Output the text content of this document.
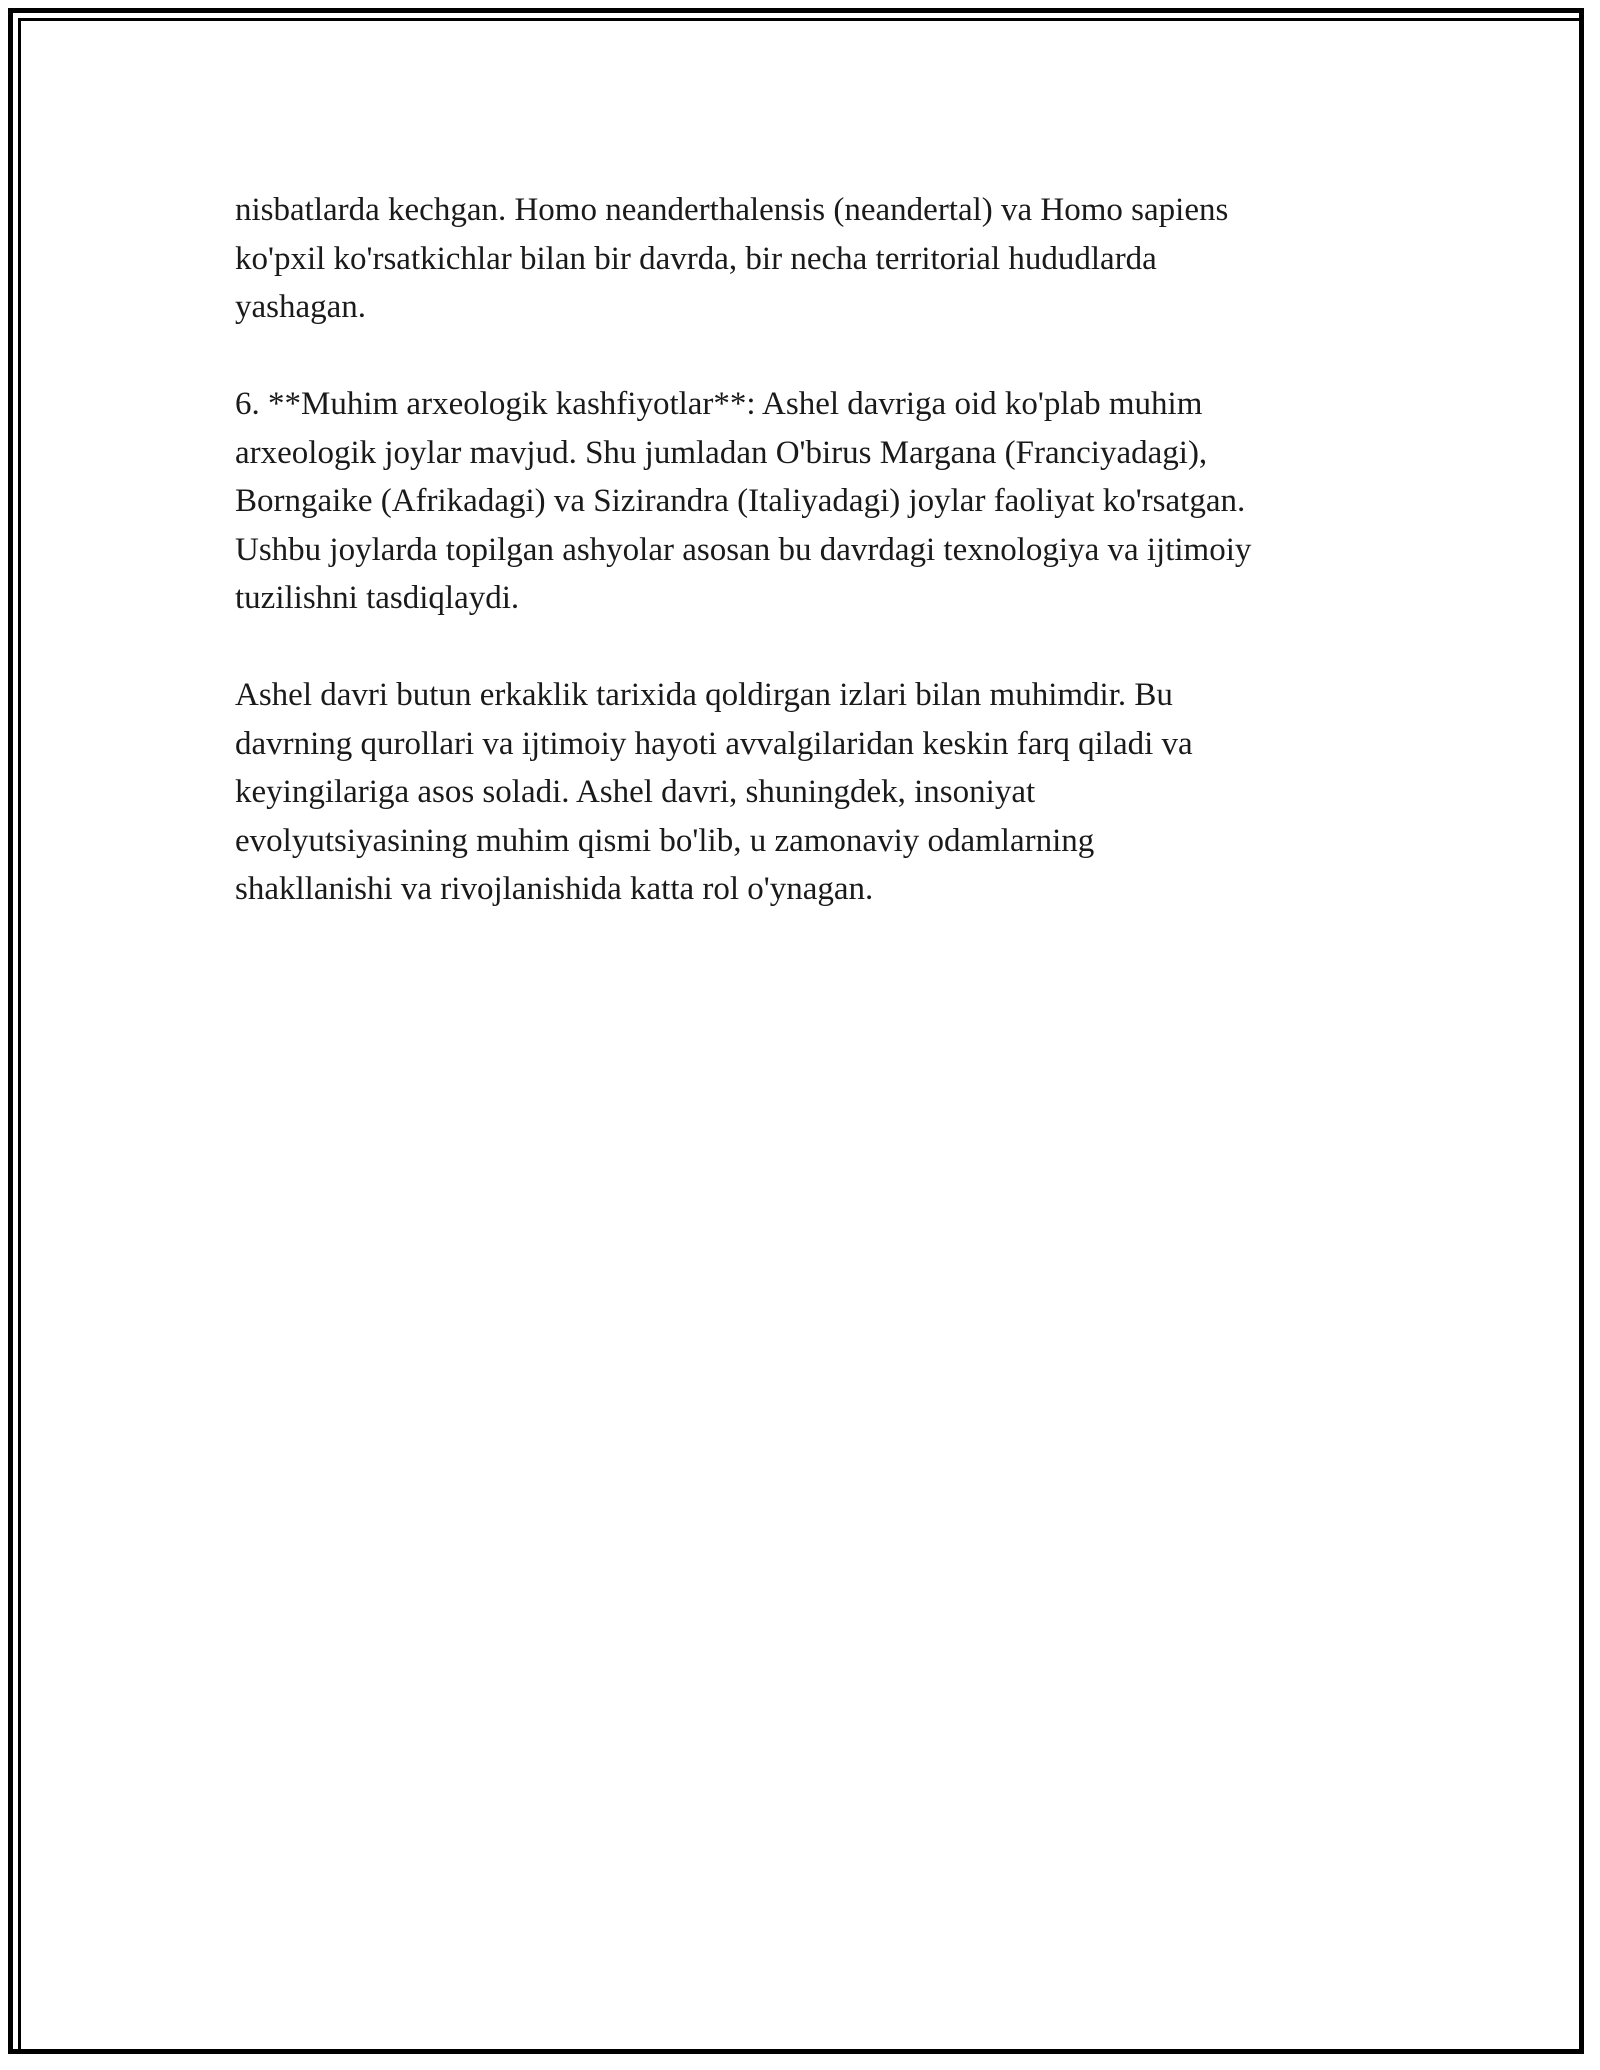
nisbatlarda kechgan. Homo neanderthalensis (neandertal) va Homo sapiens
ko'pxil ko'rsatkichlar bilan bir davrda, bir necha territorial hududlarda
yashagan.

6. **Muhim arxeologik kashfiyotlar**: Ashel davriga oid ko'plab muhim
arxeologik joylar mavjud. Shu jumladan O'birus Margana (Franciyadagi),
Borngaike (Afrikadagi) va Sizirandra (Italiyadagi) joylar faoliyat ko'rsatgan.
Ushbu joylarda topilgan ashyolar asosan bu davrdagi texnologiya va ijtimoiy
tuzilishni tasdiqlaydi.

Ashel davri butun erkaklik tarixida qoldirgan izlari bilan muhimdir. Bu
davrning qurollari va ijtimoiy hayoti avvalgilaridan keskin farq qiladi va
keyingilariga asos soladi. Ashel davri, shuningdek, insoniyat
evolyutsiyasining muhim qismi bo'lib, u zamonaviy odamlarning
shakllanishi va rivojlanishida katta rol o'ynagan.
